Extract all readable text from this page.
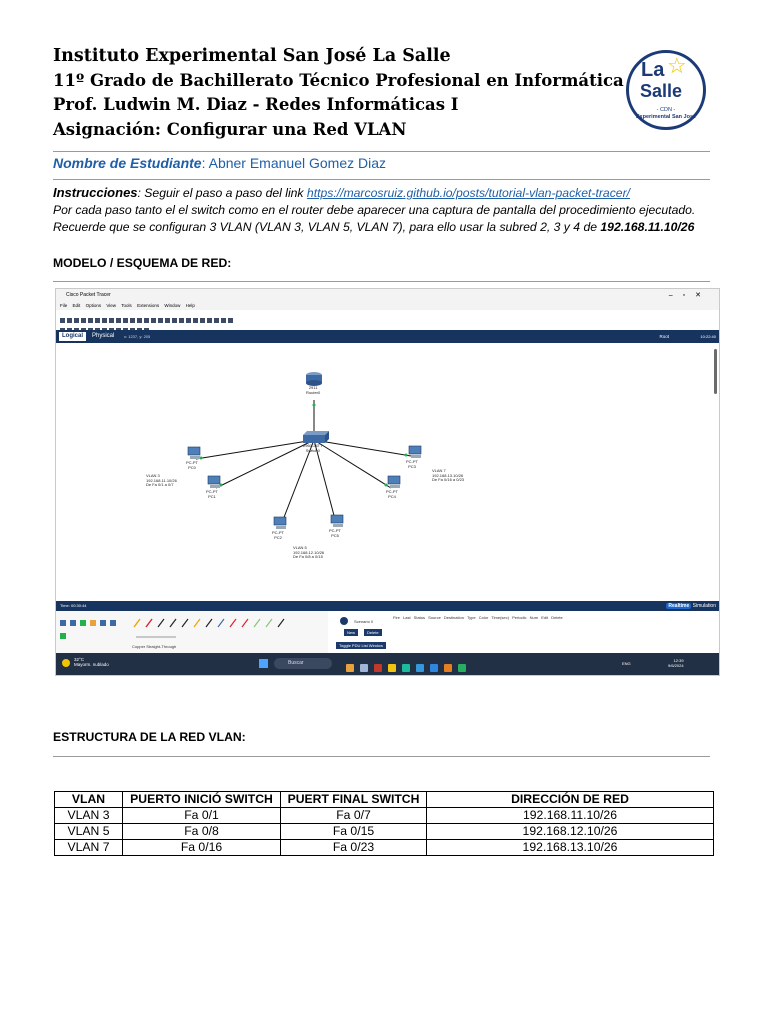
Instituto Experimental San José La Salle
11º Grado de Bachillerato Técnico Profesional en Informática
Prof. Ludwin M. Diaz - Redes Informáticas I
Asignación: Configurar una Red VLAN
La ☆
Salle
- CDN -
Experimental San José
Nombre de Estudiante: Abner Emanuel Gomez Diaz
Instrucciones: Seguir el paso a paso del link https://marcosruiz.github.io/posts/tutorial-vlan-packet-tracer/
Por cada paso tanto el el switch como en el router debe aparecer una captura de pantalla del procedimiento ejecutado.
Recuerde que se configuran 3 VLAN (VLAN 3, VLAN 5, VLAN 7), para ello usar la subred 2, 3 y 4 de 192.168.11.10/26
MODELO / ESQUEMA DE RED:
Cisco Packet Tracer	–▫✕
File Edit Options View Tools Extensions Window Help
Logical	Physical x: 1237, y: 205	Root	10:22:40
2911
Router0
2960-24TT
Switch0
PC-PT
PC0
PC-PT
PC1
PC-PT
PC2
PC-PT
PC3
PC-PT
PC4
PC-PT
PC5
VLAN 3
192.168.11.10/26
De Fa 0/1 a 0/7
VLAN 5
192.168.12.10/26
De Fa 0/8 a 0/15
VLAN 7
192.168.13.10/26
De Fa 0/16 a 0/23
Time: 00:30:44	Realtime Simulation
Copper Straight-Through
Scenario 0
Fire Last Status Source Destination Type Color Time(sec) Periodic Num Edit Delete
New	Delete
Toggle PDU List Window
32°C
Mayorm. nublado	Buscar	ENG
12:39
9/6/2024
ESTRUCTURA DE LA RED VLAN:
VLAN	PUERTO INICIÓ SWITCH	PUERT FINAL SWITCH	DIRECCIÓN DE RED
VLAN 3	Fa 0/1	Fa 0/7	192.168.11.10/26
VLAN 5	Fa 0/8	Fa 0/15	192.168.12.10/26
VLAN 7	Fa 0/16	Fa 0/23	192.168.13.10/26
